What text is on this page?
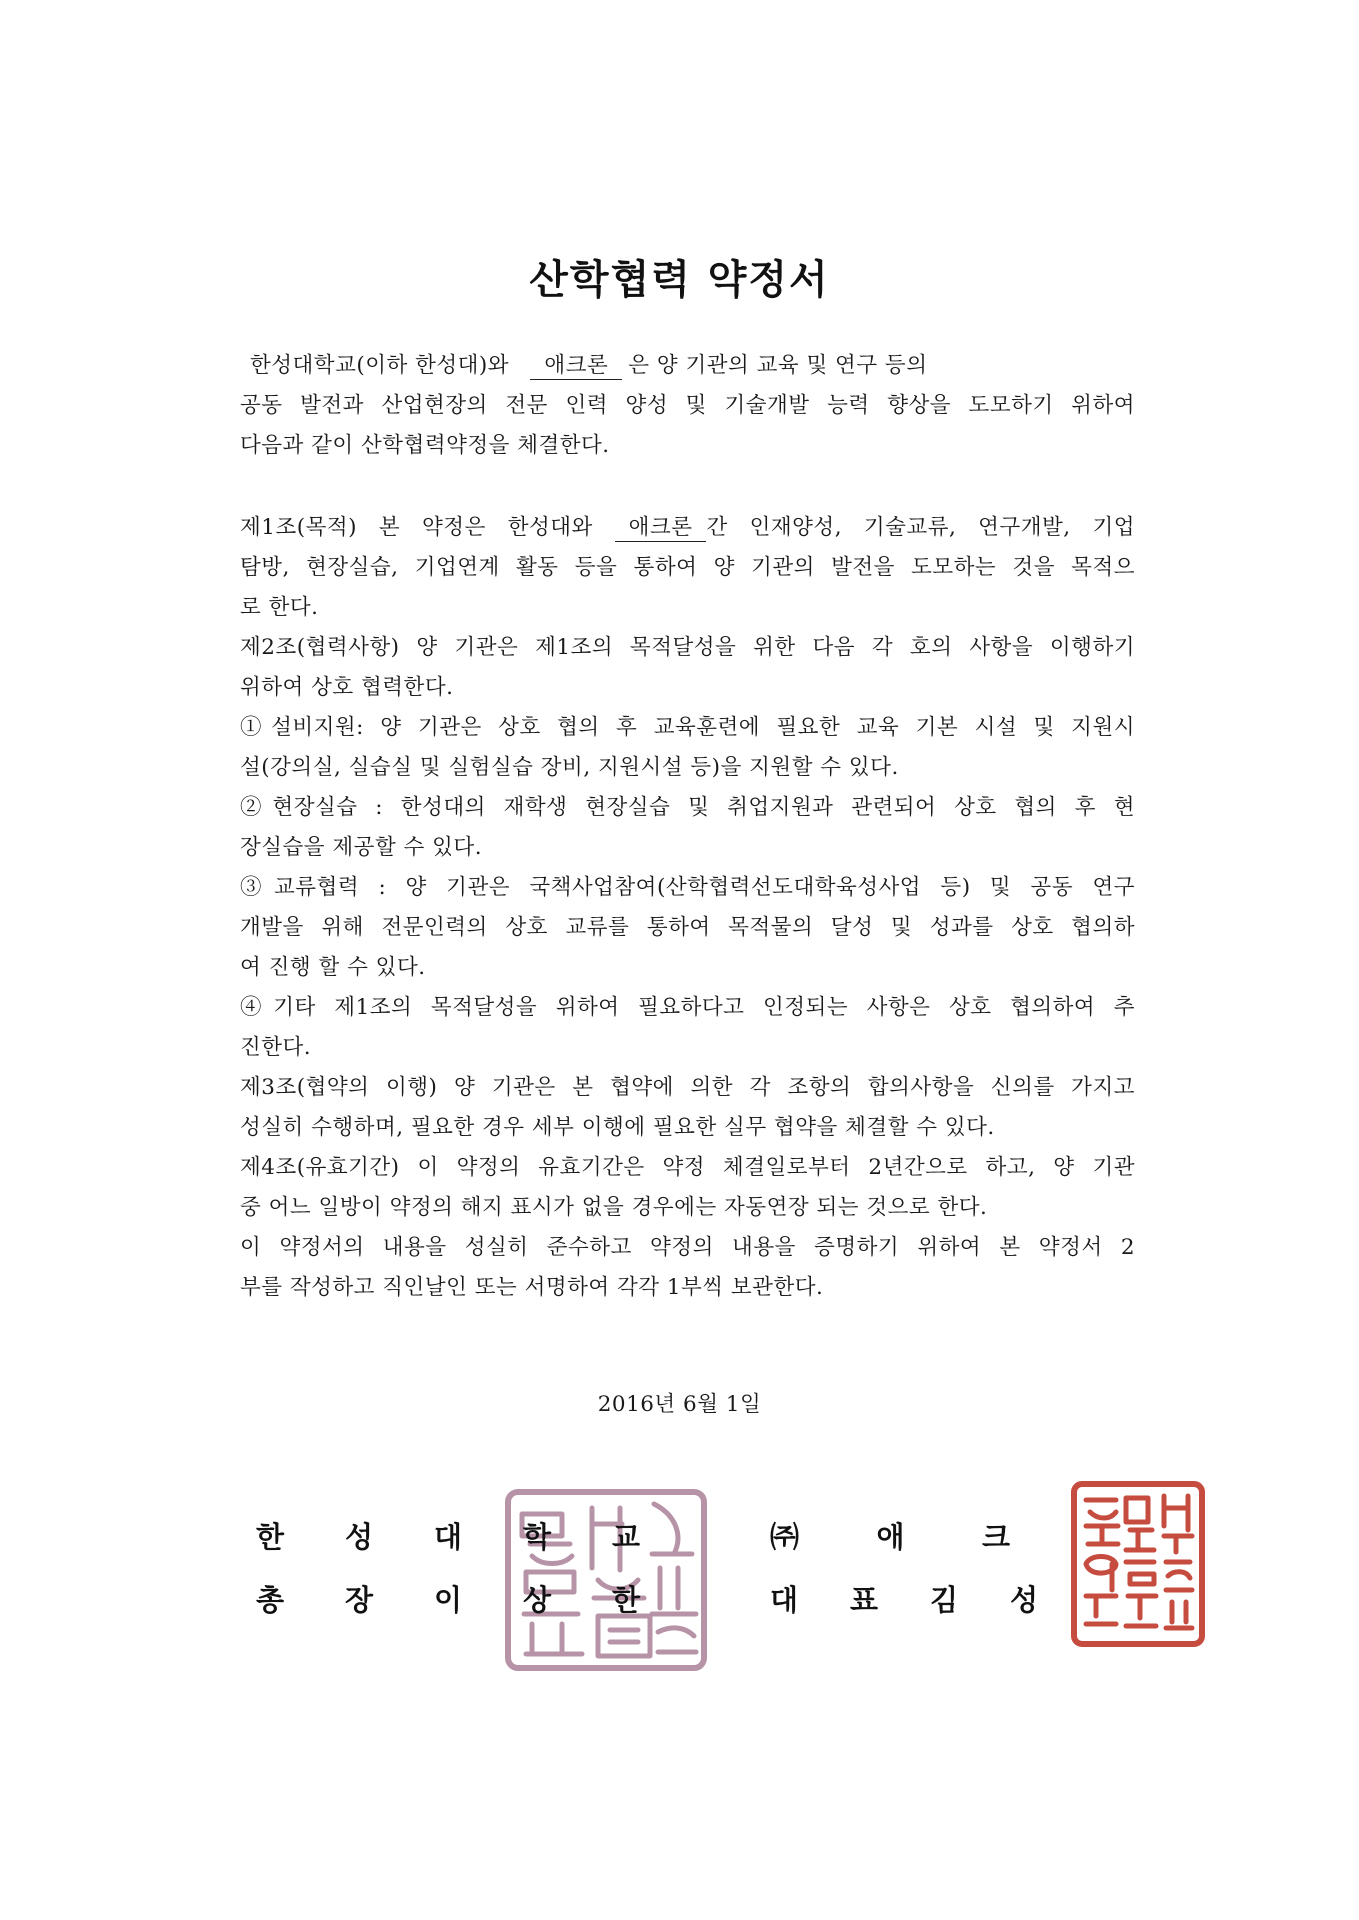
산학협력 약정서
한성대학교(이하 한성대)와 애크론 은 양 기관의 교육 및 연구 등의
공동 발전과 산업현장의 전문 인력 양성 및 기술개발 능력 향상을 도모하기 위하여
다음과 같이 산학협력약정을 체결한다.
제1조(목적) 본 약정은 한성대와 애크론 간 인재양성, 기술교류, 연구개발, 기업
탐방, 현장실습, 기업연계 활동 등을 통하여 양 기관의 발전을 도모하는 것을 목적으
로 한다.
제2조(협력사항) 양 기관은 제1조의 목적달성을 위한 다음 각 호의 사항을 이행하기
위하여 상호 협력한다.
①설비지원: 양 기관은 상호 협의 후 교육훈련에 필요한 교육 기본 시설 및 지원시
설(강의실, 실습실 및 실험실습 장비, 지원시설 등)을 지원할 수 있다.
②현장실습 : 한성대의 재학생 현장실습 및 취업지원과 관련되어 상호 협의 후 현
장실습을 제공할 수 있다.
③교류협력 : 양 기관은 국책사업참여(산학협력선도대학육성사업 등) 및 공동 연구
개발을 위해 전문인력의 상호 교류를 통하여 목적물의 달성 및 성과를 상호 협의하
여 진행 할 수 있다.
④기타 제1조의 목적달성을 위하여 필요하다고 인정되는 사항은 상호 협의하여 추
진한다.
제3조(협약의 이행) 양 기관은 본 협약에 의한 각 조항의 합의사항을 신의를 가지고
성실히 수행하며, 필요한 경우 세부 이행에 필요한 실무 협약을 체결할 수 있다.
제4조(유효기간) 이 약정의 유효기간은 약정 체결일로부터 2년간으로 하고, 양 기관
중 어느 일방이 약정의 해지 표시가 없을 경우에는 자동연장 되는 것으로 한다.
이 약정서의 내용을 성실히 준수하고 약정의 내용을 증명하기 위하여 본 약정서 2
부를 작성하고 직인날인 또는 서명하여 각각 1부씩 보관한다.
2016년 6월 1일
한 성 대 학 교
총 장 이 상 한
㈜	애	크
대 표 김 성
